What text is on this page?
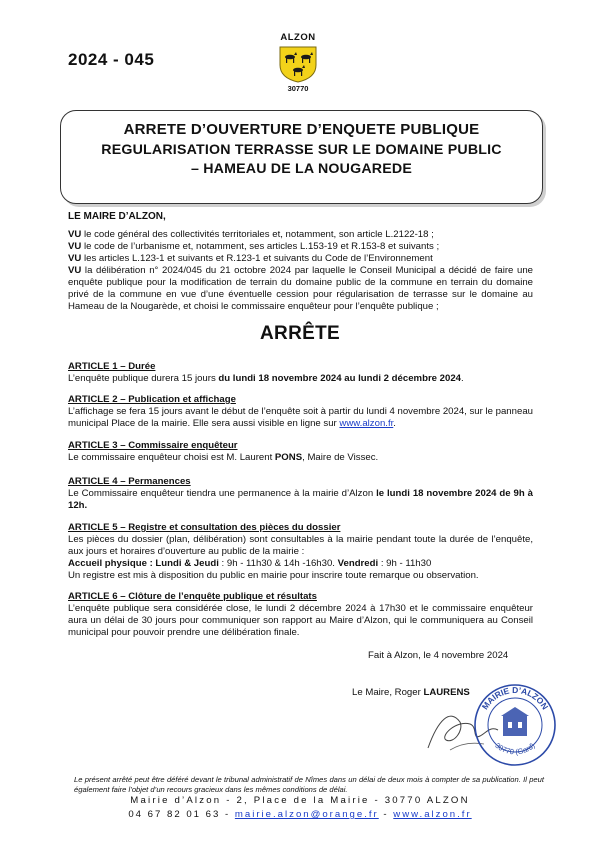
2024 - 045
ALZON
30770
ARRETE D’OUVERTURE D’ENQUETE PUBLIQUE
REGULARISATION TERRASSE SUR LE DOMAINE PUBLIC
– HAMEAU DE LA NOUGAREDE
LE MAIRE D’ALZON,

VU le code général des collectivités territoriales et, notamment, son article L.2122-18 ;

VU le code de l’urbanisme et, notamment, ses articles L.153-19 et R.153-8 et suivants ;

VU les articles L.123-1 et suivants et R.123-1 et suivants du Code de l’Environnement

VU la délibération n° 2024/045 du 21 octobre 2024 par laquelle le Conseil Municipal a décidé de faire une enquête publique pour la modification de terrain du domaine public de la commune en terrain du domaine privé de la commune en vue d’une éventuelle cession pour régularisation de terrasse sur le domaine au Hameau de la Nougarède, et choisi le commissaire enquêteur pour l’enquête publique ;

ARRÊTE
ARTICLE 1 – Durée

L’enquête publique durera 15 jours du lundi 18 novembre 2024 au lundi 2 décembre 2024.

ARTICLE 2 – Publication et affichage

L’affichage se fera 15 jours avant le début de l’enquête soit à partir du lundi 4 novembre 2024, sur le panneau municipal Place de la mairie. Elle sera aussi visible en ligne sur www.alzon.fr.

ARTICLE 3 – Commissaire enquêteur

Le commissaire enquêteur choisi est M. Laurent PONS, Maire de Vissec.

ARTICLE 4 – Permanences

Le Commissaire enquêteur tiendra une permanence à la mairie d’Alzon le lundi 18 novembre 2024 de 9h à 12h.

ARTICLE 5 – Registre et consultation des pièces du dossier

Les pièces du dossier (plan, délibération) sont consultables à la mairie pendant toute la durée de l’enquête, aux jours et horaires d’ouverture au public de la mairie :

Accueil physique : Lundi & Jeudi : 9h - 11h30 & 14h -16h30. Vendredi : 9h - 11h30

Un registre est mis à disposition du public en mairie pour inscrire toute remarque ou observation.

ARTICLE 6 – Clôture de l’enquête publique et résultats

L’enquête publique sera considérée close, le lundi 2 décembre 2024 à 17h30 et le commissaire enquêteur aura un délai de 30 jours pour communiquer son rapport au Maire d’Alzon, qui le communiquera au Conseil municipal pour pouvoir prendre une délibération finale.

Fait à Alzon, le 4 novembre 2024
Le Maire, Roger LAURENS
MAIRIE D’ALZON
30770 (Gard)
Le présent arrêté peut être déféré devant le tribunal administratif de Nîmes dans un délai de deux mois à compter de sa publication. Il peut également faire l’objet d’un recours gracieux dans les mêmes conditions de délai.
Mairie d’Alzon - 2, Place de la Mairie - 30770 ALZON
04 67 82 01 63 - mairie.alzon@orange.fr - www.alzon.fr
